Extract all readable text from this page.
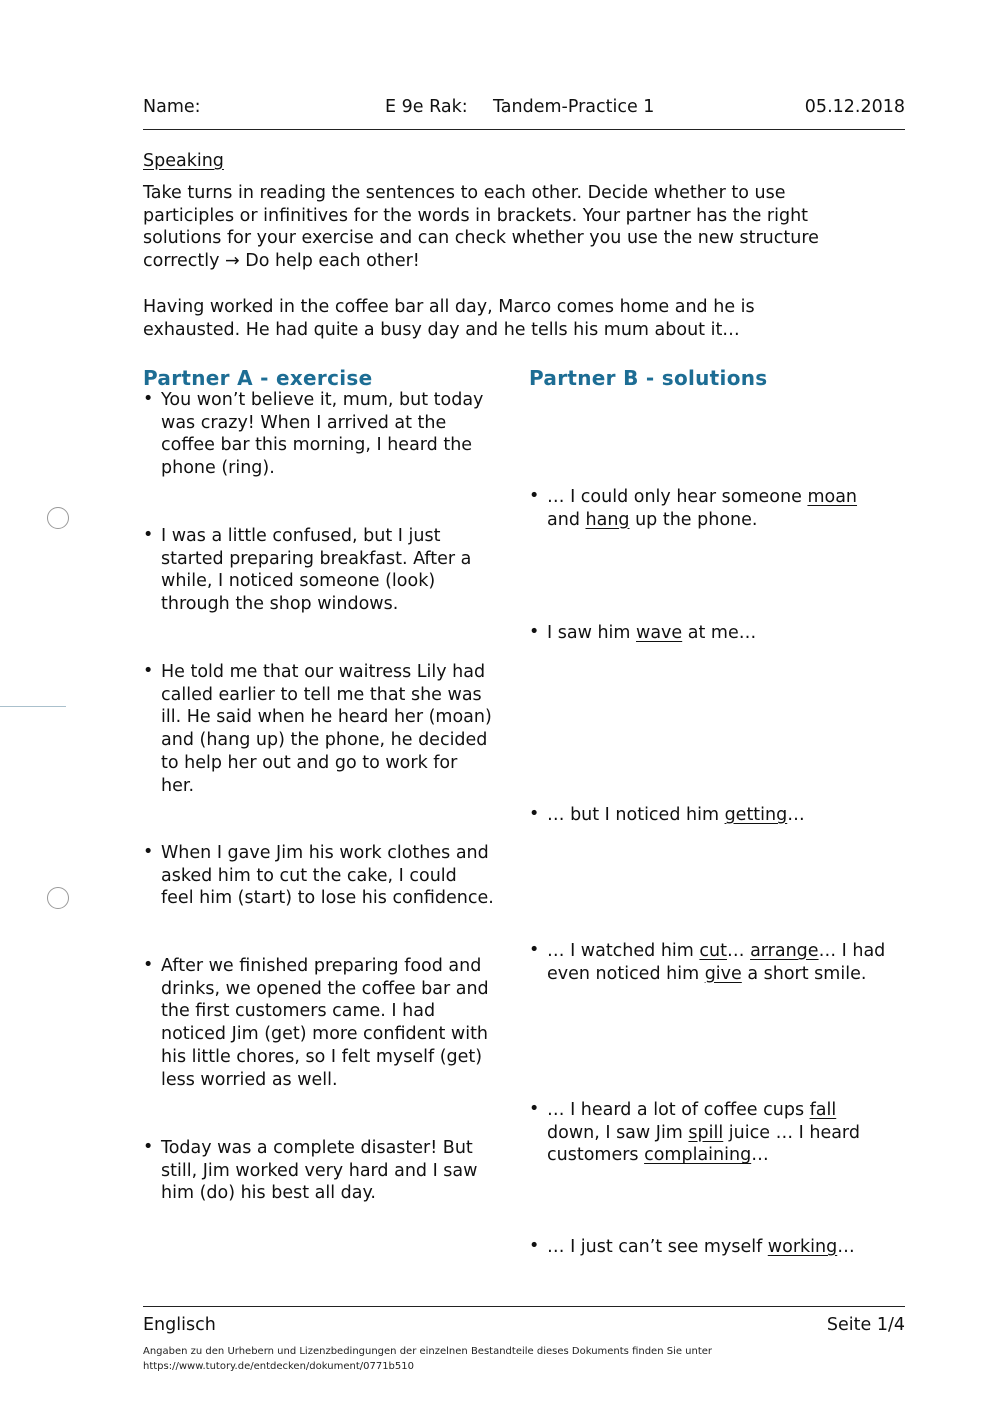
Name:	E 9e Rak: Tandem-Practice 1	05.12.2018
Speaking
Take turns in reading the sentences to each other. Decide whether to use
participles or infinitives for the words in brackets. Your partner has the right
solutions for your exercise and can check whether you use the new structure
correctly → Do help each other!
Having worked in the coffee bar all day, Marco comes home and he is
exhausted. He had quite a busy day and he tells his mum about it…
Partner A - exercise	Partner B - solutions
• You won’t believe it, mum, but today
was crazy! When I arrived at the
coffee bar this morning, I heard the
phone (ring).
• I was a little confused, but I just
started preparing breakfast. After a
while, I noticed someone (look)
through the shop windows.
• He told me that our waitress Lily had
called earlier to tell me that she was
ill. He said when he heard her (moan)
and (hang up) the phone, he decided
to help her out and go to work for
her.
• When I gave Jim his work clothes and
asked him to cut the cake, I could
feel him (start) to lose his confidence.
• After we finished preparing food and
drinks, we opened the coffee bar and
the first customers came. I had
noticed Jim (get) more confident with
his little chores, so I felt myself (get)
less worried as well.
• Today was a complete disaster! But
still, Jim worked very hard and I saw
him (do) his best all day.
• … I could only hear someone moan
and hang up the phone.
• I saw him wave at me…
• … but I noticed him getting…
• … I watched him cut… arrange… I had
even noticed him give a short smile.
• … I heard a lot of coffee cups fall
down, I saw Jim spill juice … I heard
customers complaining…
• … I just can’t see myself working…
Englisch	Seite 1/4
Angaben zu den Urhebern und Lizenzbedingungen der einzelnen Bestandteile dieses Dokuments finden Sie unter
https://www.tutory.de/entdecken/dokument/0771b510
